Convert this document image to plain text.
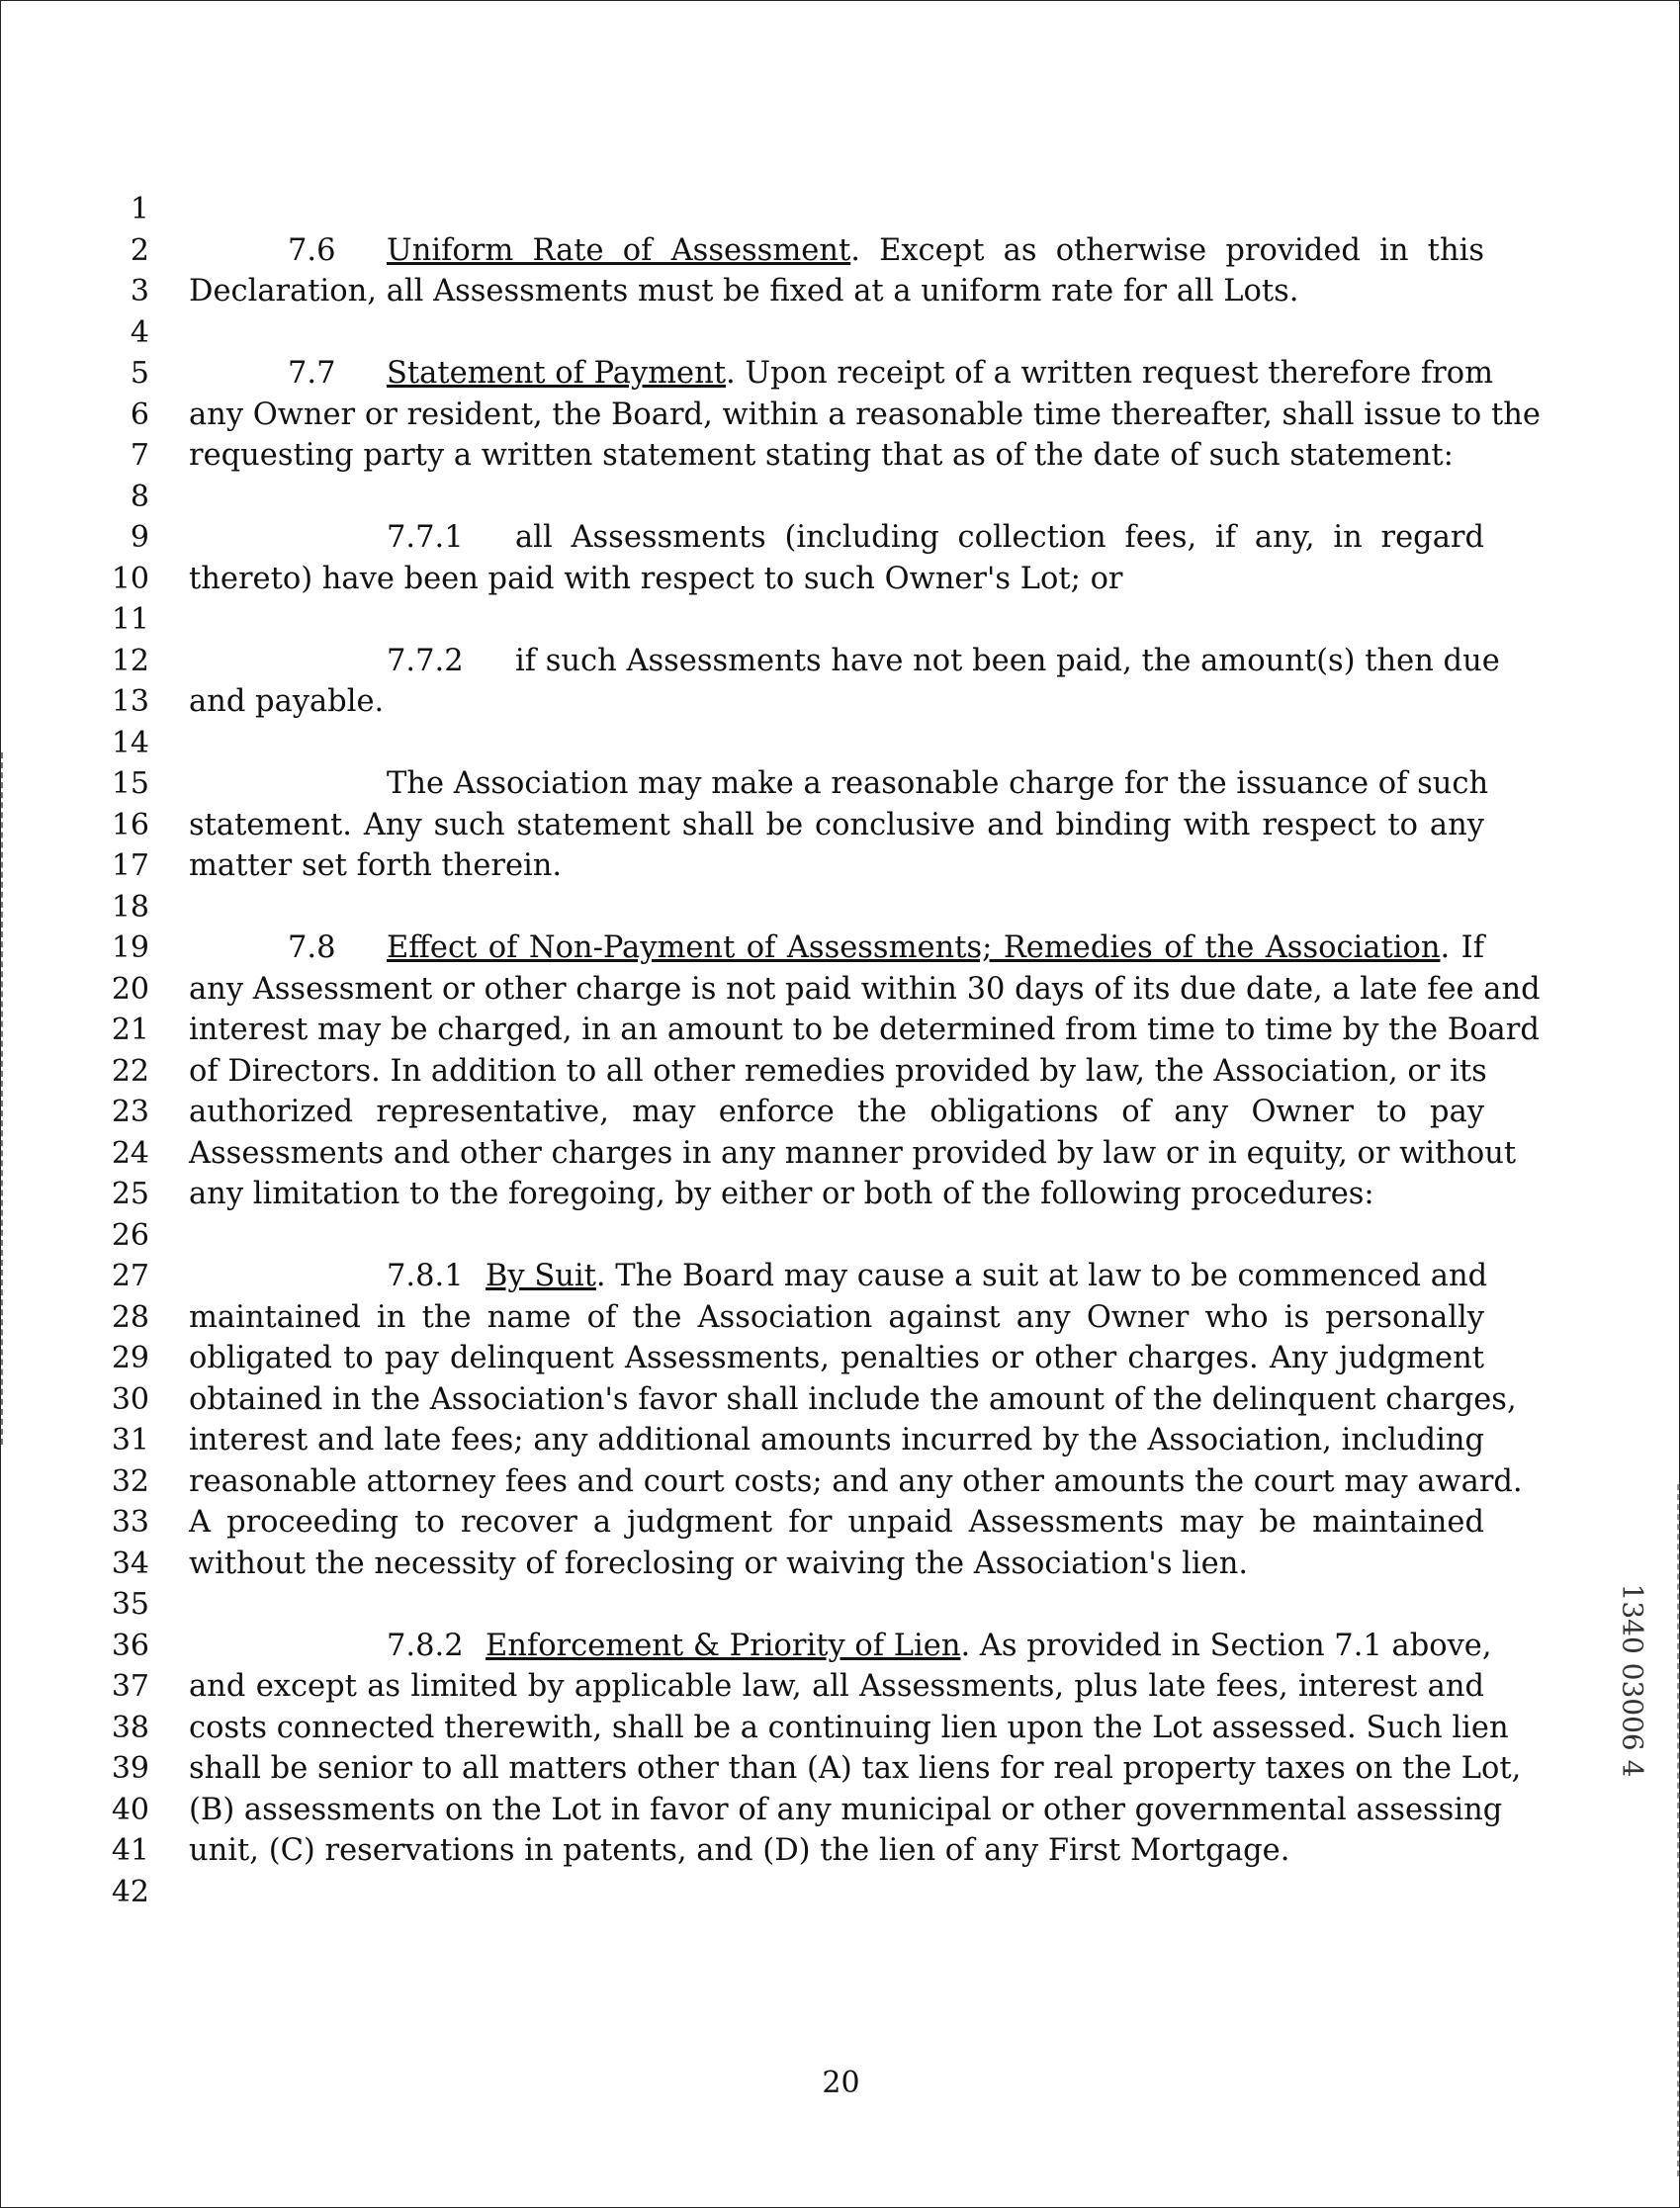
1
2
3
4
5
6
7
8
9
10
11
12
13
14
15
16
17
18
19
20
21
22
23
24
25
26
27
28
29
30
31
32
33
34
35
36
37
38
39
40
41
42
7.6 Uniform Rate of Assessment. Except as otherwise provided in this
Declaration, all Assessments must be fixed at a uniform rate for all Lots.
7.7 Statement of Payment. Upon receipt of a written request therefore from
any Owner or resident, the Board, within a reasonable time thereafter, shall issue to the
requesting party a written statement stating that as of the date of such statement:
7.7.1 all Assessments (including collection fees, if any, in regard
thereto) have been paid with respect to such Owner's Lot; or
7.7.2 if such Assessments have not been paid, the amount(s) then due
and payable.
The Association may make a reasonable charge for the issuance of such
statement. Any such statement shall be conclusive and binding with respect to any
matter set forth therein.
7.8 Effect of Non-Payment of Assessments; Remedies of the Association. If
any Assessment or other charge is not paid within 30 days of its due date, a late fee and
interest may be charged, in an amount to be determined from time to time by the Board
of Directors. In addition to all other remedies provided by law, the Association, or its
authorized representative, may enforce the obligations of any Owner to pay
Assessments and other charges in any manner provided by law or in equity, or without
any limitation to the foregoing, by either or both of the following procedures:
7.8.1 By Suit. The Board may cause a suit at law to be commenced and
maintained in the name of the Association against any Owner who is personally
obligated to pay delinquent Assessments, penalties or other charges. Any judgment
obtained in the Association's favor shall include the amount of the delinquent charges,
interest and late fees; any additional amounts incurred by the Association, including
reasonable attorney fees and court costs; and any other amounts the court may award.
A proceeding to recover a judgment for unpaid Assessments may be maintained
without the necessity of foreclosing or waiving the Association's lien.
7.8.2 Enforcement & Priority of Lien. As provided in Section 7.1 above,
and except as limited by applicable law, all Assessments, plus late fees, interest and
costs connected therewith, shall be a continuing lien upon the Lot assessed. Such lien
shall be senior to all matters other than (A) tax liens for real property taxes on the Lot,
(B) assessments on the Lot in favor of any municipal or other governmental assessing
unit, (C) reservations in patents, and (D) the lien of any First Mortgage.
1340 03006 4
20
